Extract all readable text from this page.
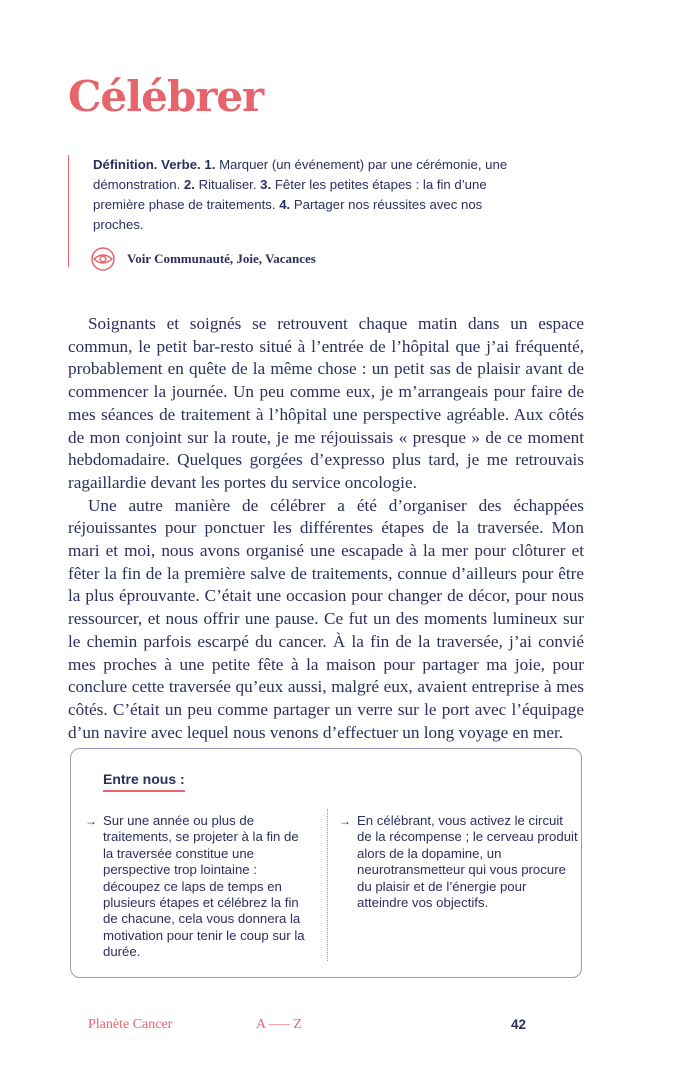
Célébrer

Définition. Verbe. 1. Marquer (un événement) par une cérémonie, une démonstration. 2. Ritualiser. 3. Fêter les petites étapes : la fin d’une première phase de traitements. 4. Partager nos réussites avec nos proches.

Voir Communauté, Joie, Vacances

Soignants et soignés se retrouvent chaque matin dans un espace commun, le petit bar-resto situé à l’entrée de l’hôpital que j’ai fréquenté, probablement en quête de la même chose : un petit sas de plaisir avant de commencer la journée. Un peu comme eux, je m’arrangeais pour faire de mes séances de traitement à l’hôpital une perspective agréable. Aux côtés de mon conjoint sur la route, je me réjouissais « presque » de ce moment hebdomadaire. Quelques gorgées d’expresso plus tard, je me retrouvais ragaillardie devant les portes du service oncologie.

Une autre manière de célébrer a été d’organiser des échappées réjouissantes pour ponctuer les différentes étapes de la traversée. Mon mari et moi, nous avons organisé une escapade à la mer pour clôturer et fêter la fin de la première salve de traitements, connue d’ailleurs pour être la plus éprouvante. C’était une occasion pour changer de décor, pour nous ressourcer, et nous offrir une pause. Ce fut un des moments lumineux sur le chemin parfois escarpé du cancer. À la fin de la traversée, j’ai convié mes proches à une petite fête à la maison pour partager ma joie, pour conclure cette traversée qu’eux aussi, malgré eux, avaient entreprise à mes côtés. C’était un peu comme partager un verre sur le port avec l’équipage d’un navire avec lequel nous venons d’effectuer un long voyage en mer.

Entre nous :
→ Sur une année ou plus de traitements, se projeter à la fin de la traversée constitue une perspective trop lointaine : découpez ce laps de temps en plusieurs étapes et célébrez la fin de chacune, cela vous donnera la motivation pour tenir le coup sur la durée.
→ En célébrant, vous activez le circuit de la récompense ; le cerveau produit alors de la dopamine, un neurotransmetteur qui vous procure du plaisir et de l’énergie pour atteindre vos objectifs.
Planète Cancer	A —– Z	42
